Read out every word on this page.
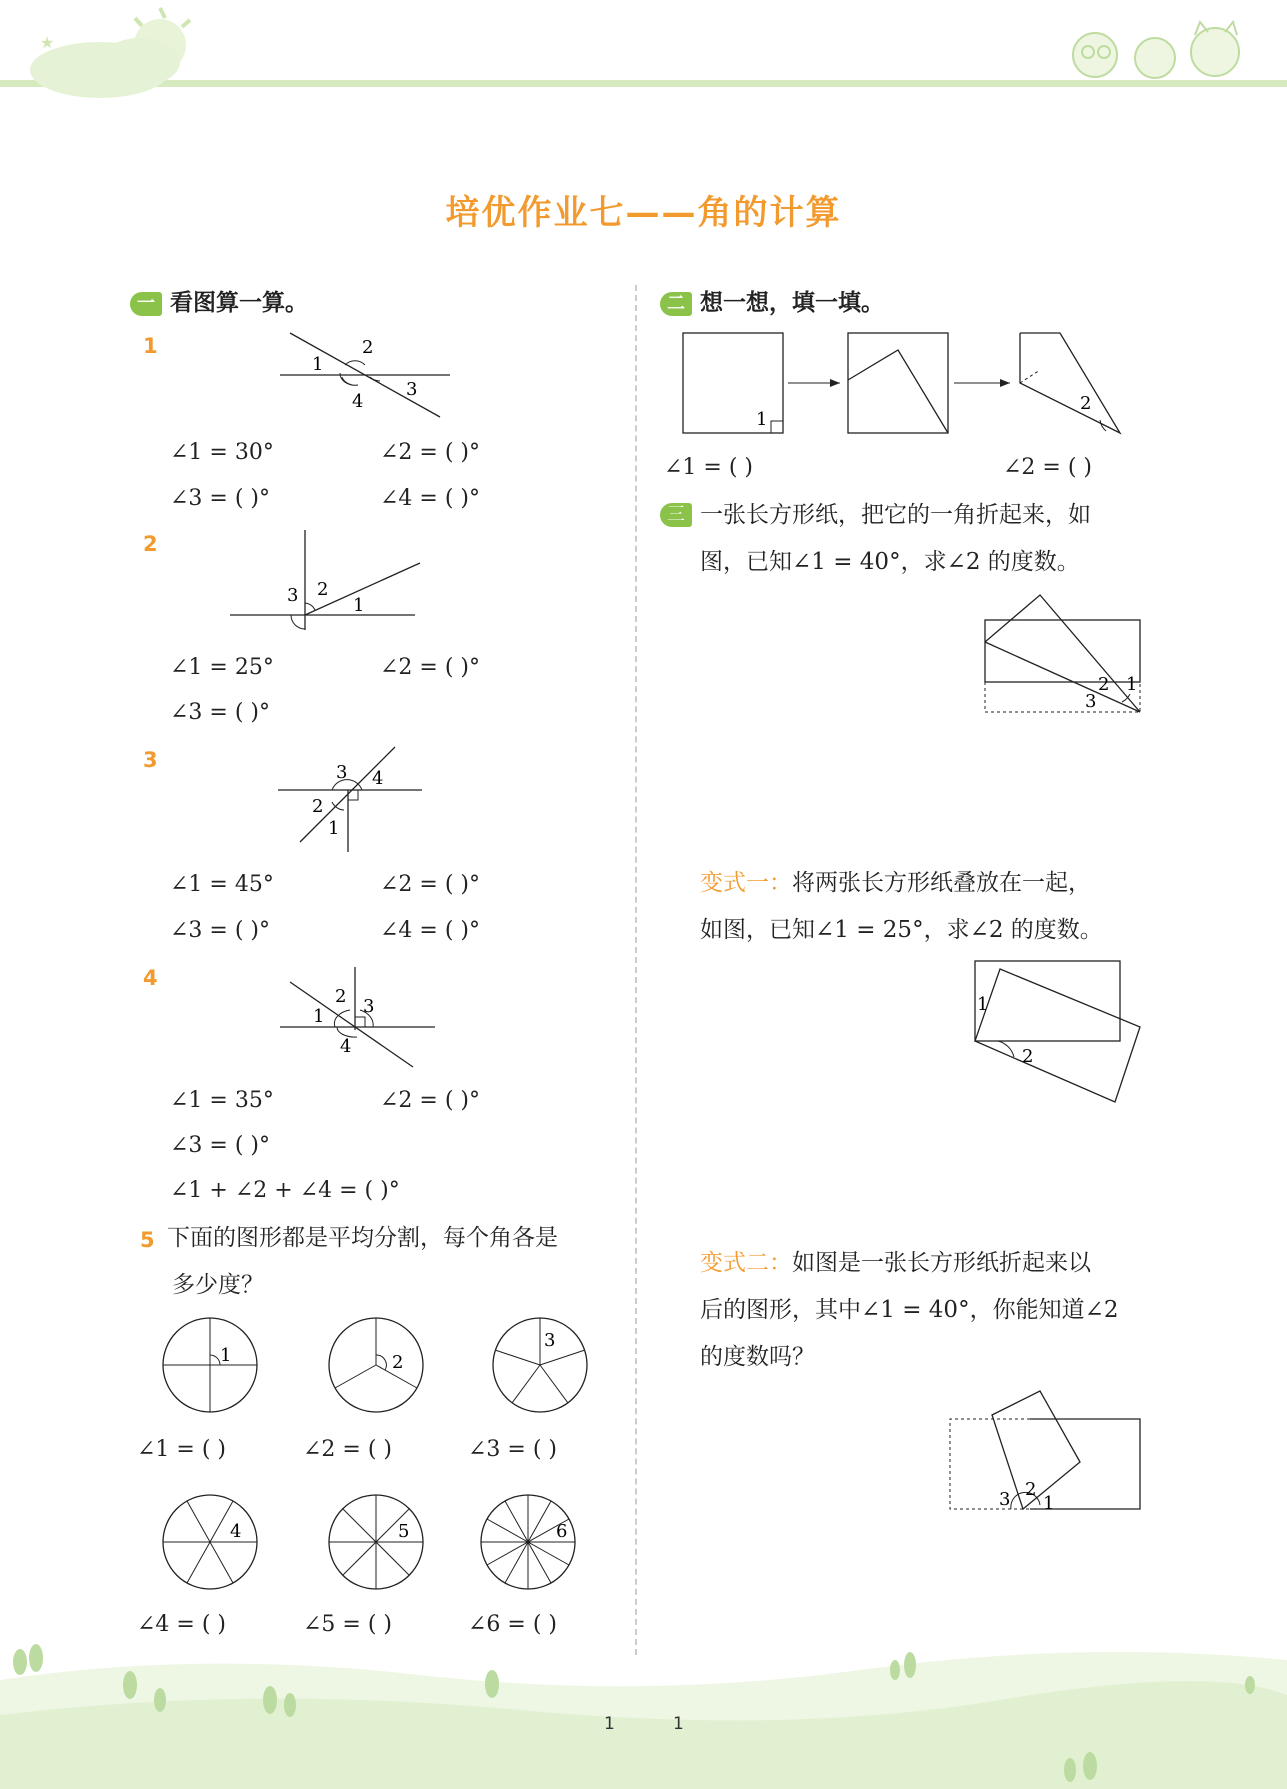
★
培优作业七——角的计算
一 看图算一算。
1
1
2
3
4
∠1 = 30°	∠2 = ( )°
∠3 = ( )°	∠4 = ( )°
2
3 2
1
∠1 = 25°	∠2 = ( )°
∠3 = ( )°
3
3 4
2
1
∠1 = 45°	∠2 = ( )°
∠3 = ( )°	∠4 = ( )°
4
2 3
1
4
∠1 = 35°	∠2 = ( )°
∠3 = ( )°
∠1 + ∠2 + ∠4 = ( )°
5 下面的图形都是平均分割，每个角各是
多少度？
1	2
3
4	5	6
∠1 = ( )	∠2 = ( )	∠3 = ( )
∠4 = ( )	∠5 = ( )	∠6 = ( )
二 想一想，填一填。
1
2
∠1 = ( )	∠2 = ( )
三 一张长方形纸，把它的一角折起来，如
图，已知∠1 = 40°，求∠2 的度数。
2 1
3
变式一：将两张长方形纸叠放在一起，
如图，已知∠1 = 25°，求∠2 的度数。
1
2
变式二：如图是一张长方形纸折起来以
后的图形，其中∠1 = 40°，你能知道∠2
的度数吗？
3 2
1
1	1
